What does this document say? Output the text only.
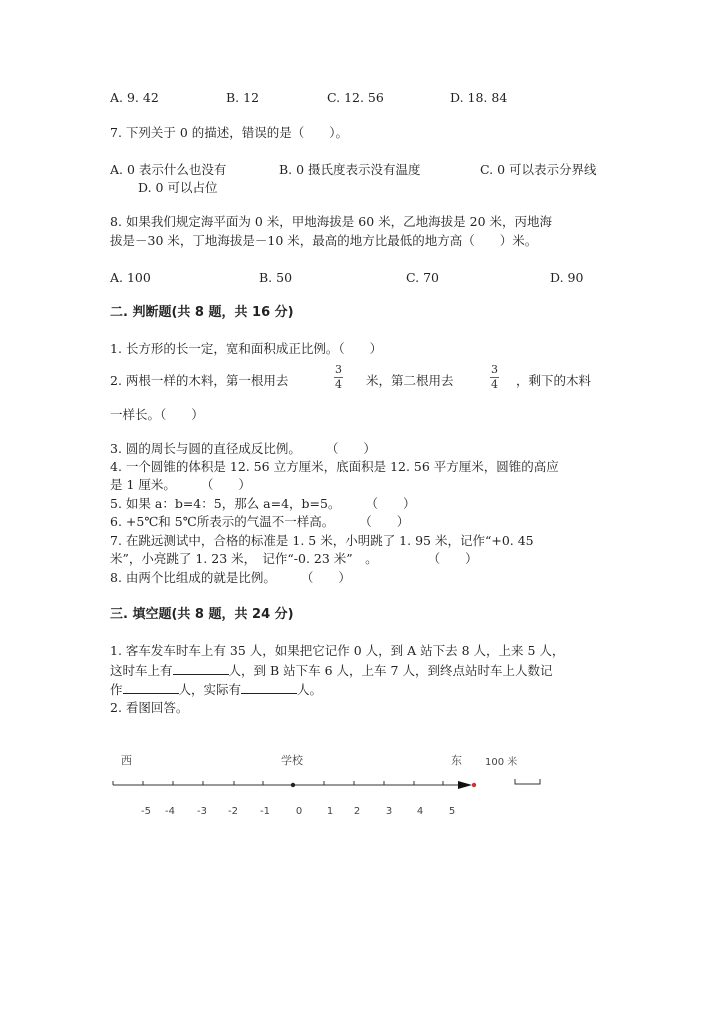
A. 9. 42	B. 12	C. 12. 56	D. 18. 84
7. 下列关于 0 的描述，错误的是（　　）。
A. 0 表示什么也没有	B. 0 摄氏度表示没有温度	C. 0 可以表示分界线
D. 0 可以占位
8. 如果我们规定海平面为 0 米，甲地海拔是 60 米，乙地海拔是 20 米，丙地海
拔是－30 米，丁地海拔是－10 米，最高的地方比最低的地方高（　　）米。
A. 100	B. 50	C. 70	D. 90
二. 判断题(共 8 题，共 16 分)
1. 长方形的长一定，宽和面积成正比例。（　　）
2. 两根一样的木料，第一根用去
3
4 米，第二根用去
3
4 ，剩下的木料
一样长。（　　）
3. 圆的周长与圆的直径成反比例。　　　（　　）
4. 一个圆锥的体积是 12. 56 立方厘米，底面积是 12. 56 平方厘米，圆锥的高应
是 1 厘米。　　　（　　）
5. 如果 a：b=4：5，那么 a=4，b=5。　　　（　　）
6. +5℃和 5℃所表示的气温不一样高。　　　（　　）
7. 在跳远测试中，合格的标准是 1. 5 米，小明跳了 1. 95 米，记作“+0. 45
米”，小亮跳了 1. 23 米，　记作“-0. 23 米”　。　　　　　（　　）
8. 由两个比组成的就是比例。　　　（　　）
三. 填空题(共 8 题，共 24 分)
1. 客车发车时车上有 35 人，如果把它记作 0 人，到 A 站下去 8 人，上来 5 人，
这时车上有	人，到 B 站下车 6 人，上车 7 人，到终点站时车上人数记
作	人，实际有	人。
2. 看图回答。
西	学校	东 100 米
-5 -4 -3 -2 -1	0 1 2	3 4	5
